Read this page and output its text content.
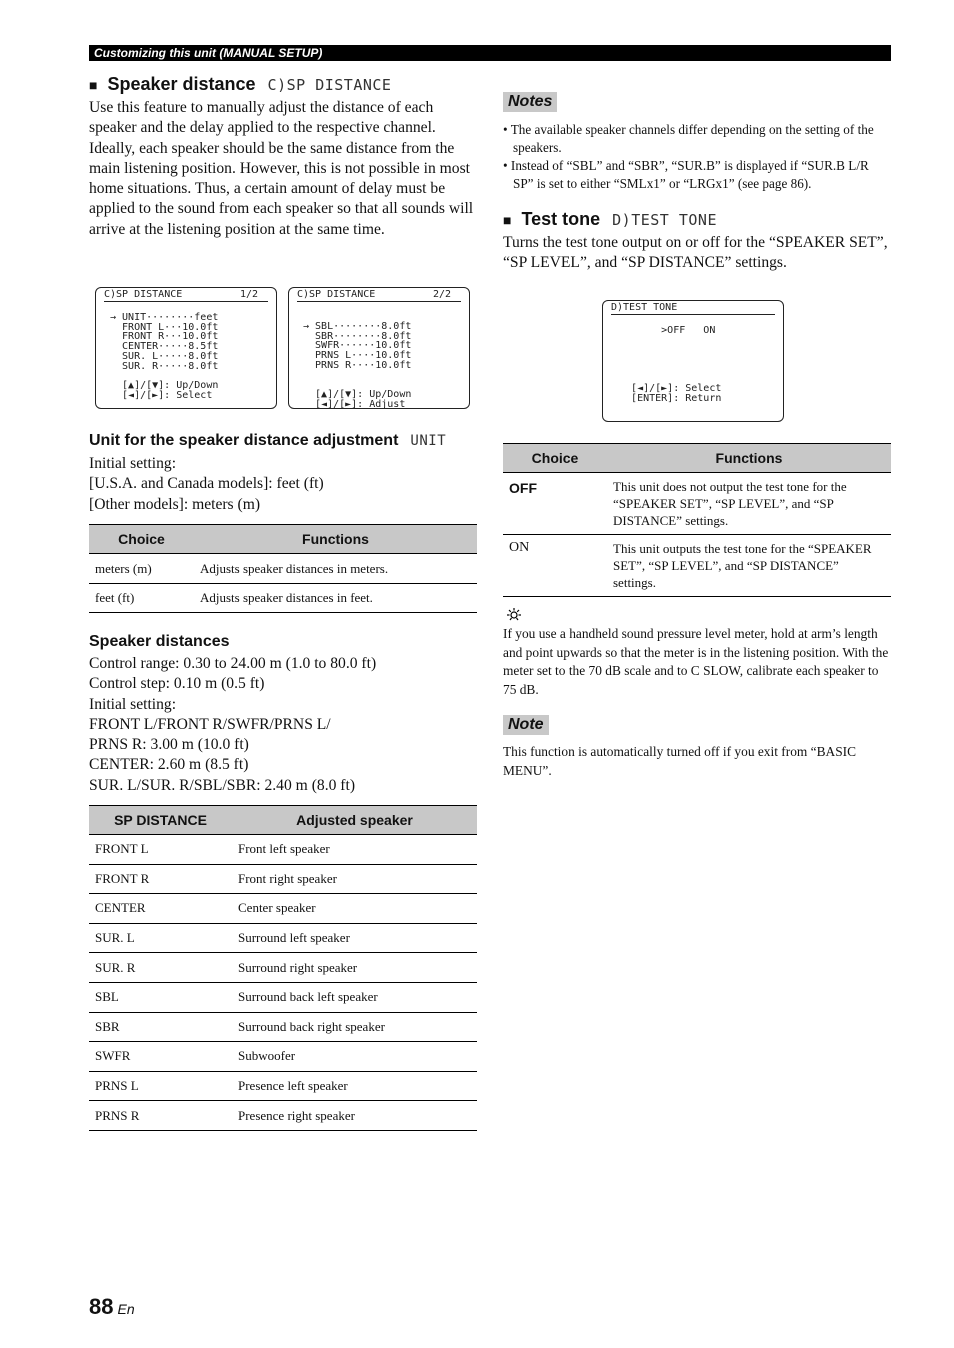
Customizing this unit (MANUAL SETUP)
■ Speaker distance C)SP DISTANCE

Use this feature to manually adjust the distance of each speaker and the delay applied to the respective channel. Ideally, each speaker should be the same distance from the main listening position. However, this is not possible in most home situations. Thus, a certain amount of delay must be applied to the sound from each speaker so that all sounds will arrive at the listening position at the same time.

C)SP DISTANCE	1/2
→ UNIT········feet
FRONT L···10.0ft
FRONT R···10.0ft
CENTER·····8.5ft
SUR. L·····8.0ft
SUR. R·····8.0ft

[▲]/[▼]: Up/Down
[◄]/[►]: Select
C)SP DISTANCE	2/2
→ SBL········8.0ft
SBR········8.0ft
SWFR······10.0ft
PRNS L····10.0ft
PRNS R····10.0ft

[▲]/[▼]: Up/Down
[◄]/[►]: Adjust
Unit for the speaker distance adjustment UNIT

Initial setting:

[U.S.A. and Canada models]: feet (ft)

[Other models]: meters (m)

Choice	Functions
meters (m)	Adjusts speaker distances in meters.
feet (ft)	Adjusts speaker distances in feet.
Speaker distances

Control range: 0.30 to 24.00 m (1.0 to 80.0 ft)

Control step: 0.10 m (0.5 ft)

Initial setting:

FRONT L/FRONT R/SWFR/PRNS L/

PRNS R: 3.00 m (10.0 ft)

CENTER: 2.60 m (8.5 ft)

SUR. L/SUR. R/SBL/SBR: 2.40 m (8.0 ft)

SP DISTANCE	Adjusted speaker
FRONT L	Front left speaker
FRONT R	Front right speaker
CENTER	Center speaker
SUR. L	Surround left speaker
SUR. R	Surround right speaker
SBL	Surround back left speaker
SBR	Surround back right speaker
SWFR	Subwoofer
PRNS L	Presence left speaker
PRNS R	Presence right speaker
Notes
• The available speaker channels differ depending on the setting of the speakers.
• Instead of “SBL” and “SBR”, “SUR.B” is displayed if “SUR.B L/R SP” is set to either “SMLx1” or “LRGx1” (see page 86).
■ Test tone D)TEST TONE

Turns the test tone output on or off for the “SPEAKER SET”, “SP LEVEL”, and “SP DISTANCE” settings.

D)TEST TONE
>OFF   ON

[◄]/[►]: Select
[ENTER]: Return
Choice	Functions
OFF	This unit does not output the test tone for the “SPEAKER SET”, “SP LEVEL”, and “SP DISTANCE” settings.
ON	This unit outputs the test tone for the “SPEAKER SET”, “SP LEVEL”, and “SP DISTANCE” settings.

If you use a handheld sound pressure level meter, hold at arm’s length and point upwards so that the meter is in the listening position. With the meter set to the 70 dB scale and to C SLOW, calibrate each speaker to 75 dB.

Note

This function is automatically turned off if you exit from “BASIC MENU”.

88 En
